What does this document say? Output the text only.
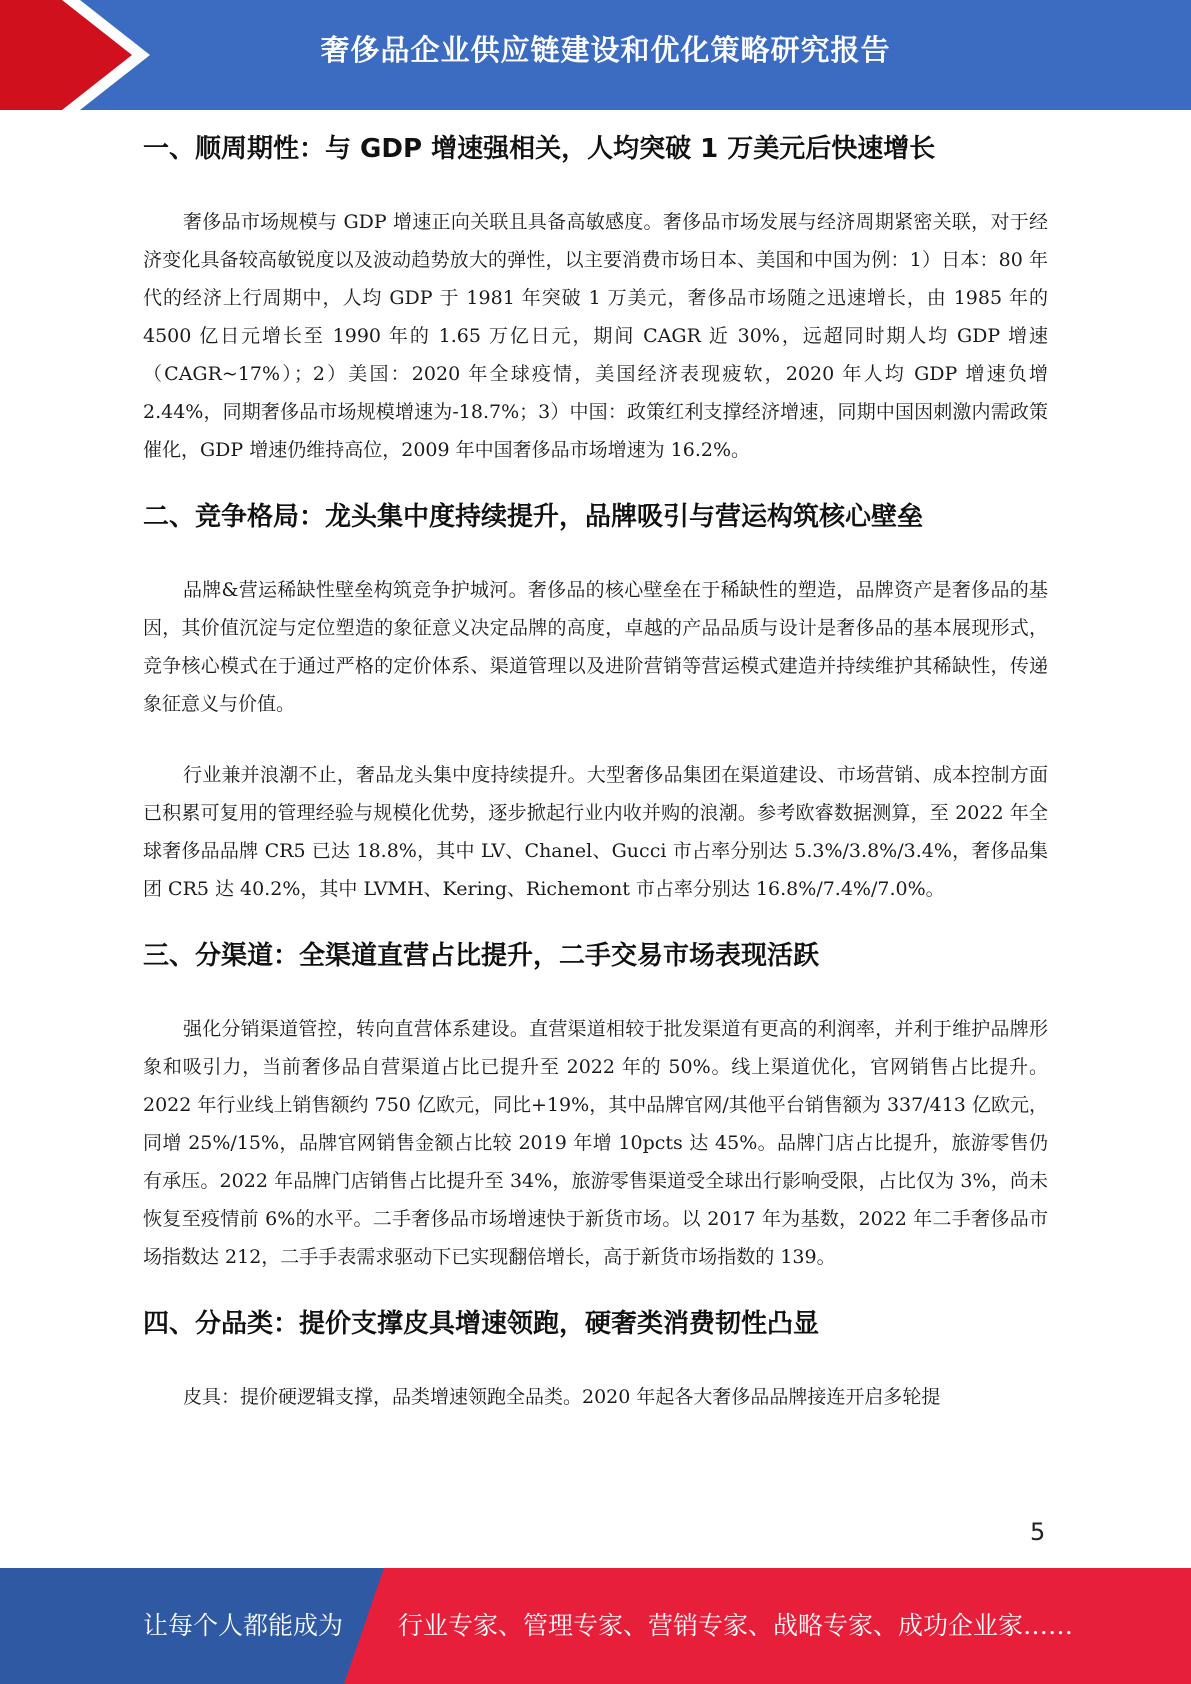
奢侈品企业供应链建设和优化策略研究报告
一、顺周期性：与 GDP 增速强相关，人均突破 1 万美元后快速增长

奢侈品市场规模与 GDP 增速正向关联且具备高敏感度。奢侈品市场发展与经济周期紧密关联，对于经济变化具备较高敏锐度以及波动趋势放大的弹性，以主要消费市场日本、美国和中国为例：1）日本：80 年代的经济上行周期中，人均 GDP 于 1981 年突破 1 万美元，奢侈品市场随之迅速增长，由 1985 年的 4500 亿日元增长至 1990 年的 1.65 万亿日元，期间 CAGR 近 30%，远超同时期人均 GDP 增速（CAGR~17%）；2）美国：2020 年全球疫情，美国经济表现疲软，2020 年人均 GDP 增速负增 2.44%，同期奢侈品市场规模增速为-18.7%；3）中国：政策红利支撑经济增速，同期中国因刺激内需政策催化，GDP 增速仍维持高位，2009 年中国奢侈品市场增速为 16.2%。

二、竞争格局：龙头集中度持续提升，品牌吸引与营运构筑核心壁垒

品牌&营运稀缺性壁垒构筑竞争护城河。奢侈品的核心壁垒在于稀缺性的塑造，品牌资产是奢侈品的基因，其价值沉淀与定位塑造的象征意义决定品牌的高度，卓越的产品品质与设计是奢侈品的基本展现形式，竞争核心模式在于通过严格的定价体系、渠道管理以及进阶营销等营运模式建造并持续维护其稀缺性，传递象征意义与价值。

行业兼并浪潮不止，奢品龙头集中度持续提升。大型奢侈品集团在渠道建设、市场营销、成本控制方面已积累可复用的管理经验与规模化优势，逐步掀起行业内收并购的浪潮。参考欧睿数据测算，至 2022 年全球奢侈品品牌 CR5 已达 18.8%，其中 LV、Chanel、Gucci 市占率分别达 5.3%/3.8%/3.4%，奢侈品集团 CR5 达 40.2%，其中 LVMH、Kering、Richemont 市占率分别达 16.8%/7.4%/7.0%。

三、分渠道：全渠道直营占比提升，二手交易市场表现活跃

强化分销渠道管控，转向直营体系建设。直营渠道相较于批发渠道有更高的利润率，并利于维护品牌形象和吸引力，当前奢侈品自营渠道占比已提升至 2022 年的 50%。线上渠道优化，官网销售占比提升。2022 年行业线上销售额约 750 亿欧元，同比+19%，其中品牌官网/其他平台销售额为 337/413 亿欧元，同增 25%/15%，品牌官网销售金额占比较 2019 年增 10pcts 达 45%。品牌门店占比提升，旅游零售仍有承压。2022 年品牌门店销售占比提升至 34%，旅游零售渠道受全球出行影响受限，占比仅为 3%，尚未恢复至疫情前 6%的水平。二手奢侈品市场增速快于新货市场。以 2017 年为基数，2022 年二手奢侈品市场指数达 212，二手手表需求驱动下已实现翻倍增长，高于新货市场指数的 139。

四、分品类：提价支撑皮具增速领跑，硬奢类消费韧性凸显

皮具：提价硬逻辑支撑，品类增速领跑全品类。2020 年起各大奢侈品品牌接连开启多轮提

5
让每个人都能成为 行业专家、管理专家、营销专家、战略专家、成功企业家……
